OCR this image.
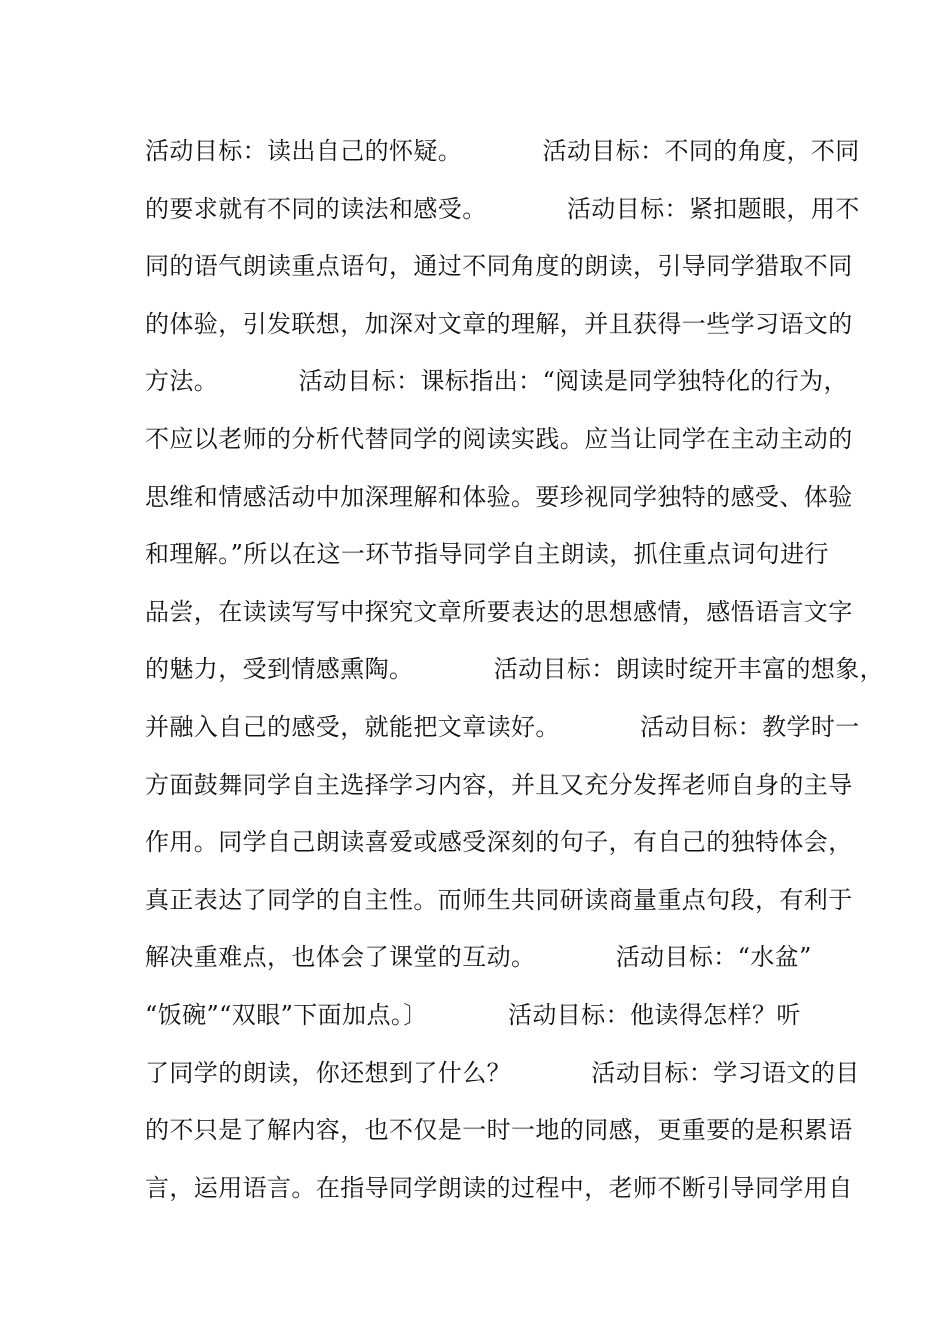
活动目标：读出自己的怀疑。          活动目标：不同的角度，不同
的要求就有不同的读法和感受。          活动目标：紧扣题眼，用不
同的语气朗读重点语句，通过不同角度的朗读，引导同学猎取不同
的体验，引发联想，加深对文章的理解，并且获得一些学习语文的
方法。          活动目标：课标指出：“阅读是同学独特化的行为，
不应以老师的分析代替同学的阅读实践。应当让同学在主动主动的
思维和情感活动中加深理解和体验。要珍视同学独特的感受、体验
和理解。”所以在这一环节指导同学自主朗读，抓住重点词句进行
品尝，在读读写写中探究文章所要表达的思想感情，感悟语言文字
的魅力，受到情感熏陶。          活动目标：朗读时绽开丰富的想象，
并融入自己的感受，就能把文章读好。          活动目标：教学时一
方面鼓舞同学自主选择学习内容，并且又充分发挥老师自身的主导
作用。同学自己朗读喜爱或感受深刻的句子，有自己的独特体会，
真正表达了同学的自主性。而师生共同研读商量重点句段，有利于
解决重难点，也体会了课堂的互动。          活动目标：“水盆”
“饭碗”“双眼”下面加点。〕          活动目标：他读得怎样？听
了同学的朗读，你还想到了什么？          活动目标：学习语文的目
的不只是了解内容，也不仅是一时一地的同感，更重要的是积累语
言，运用语言。在指导同学朗读的过程中，老师不断引导同学用自
